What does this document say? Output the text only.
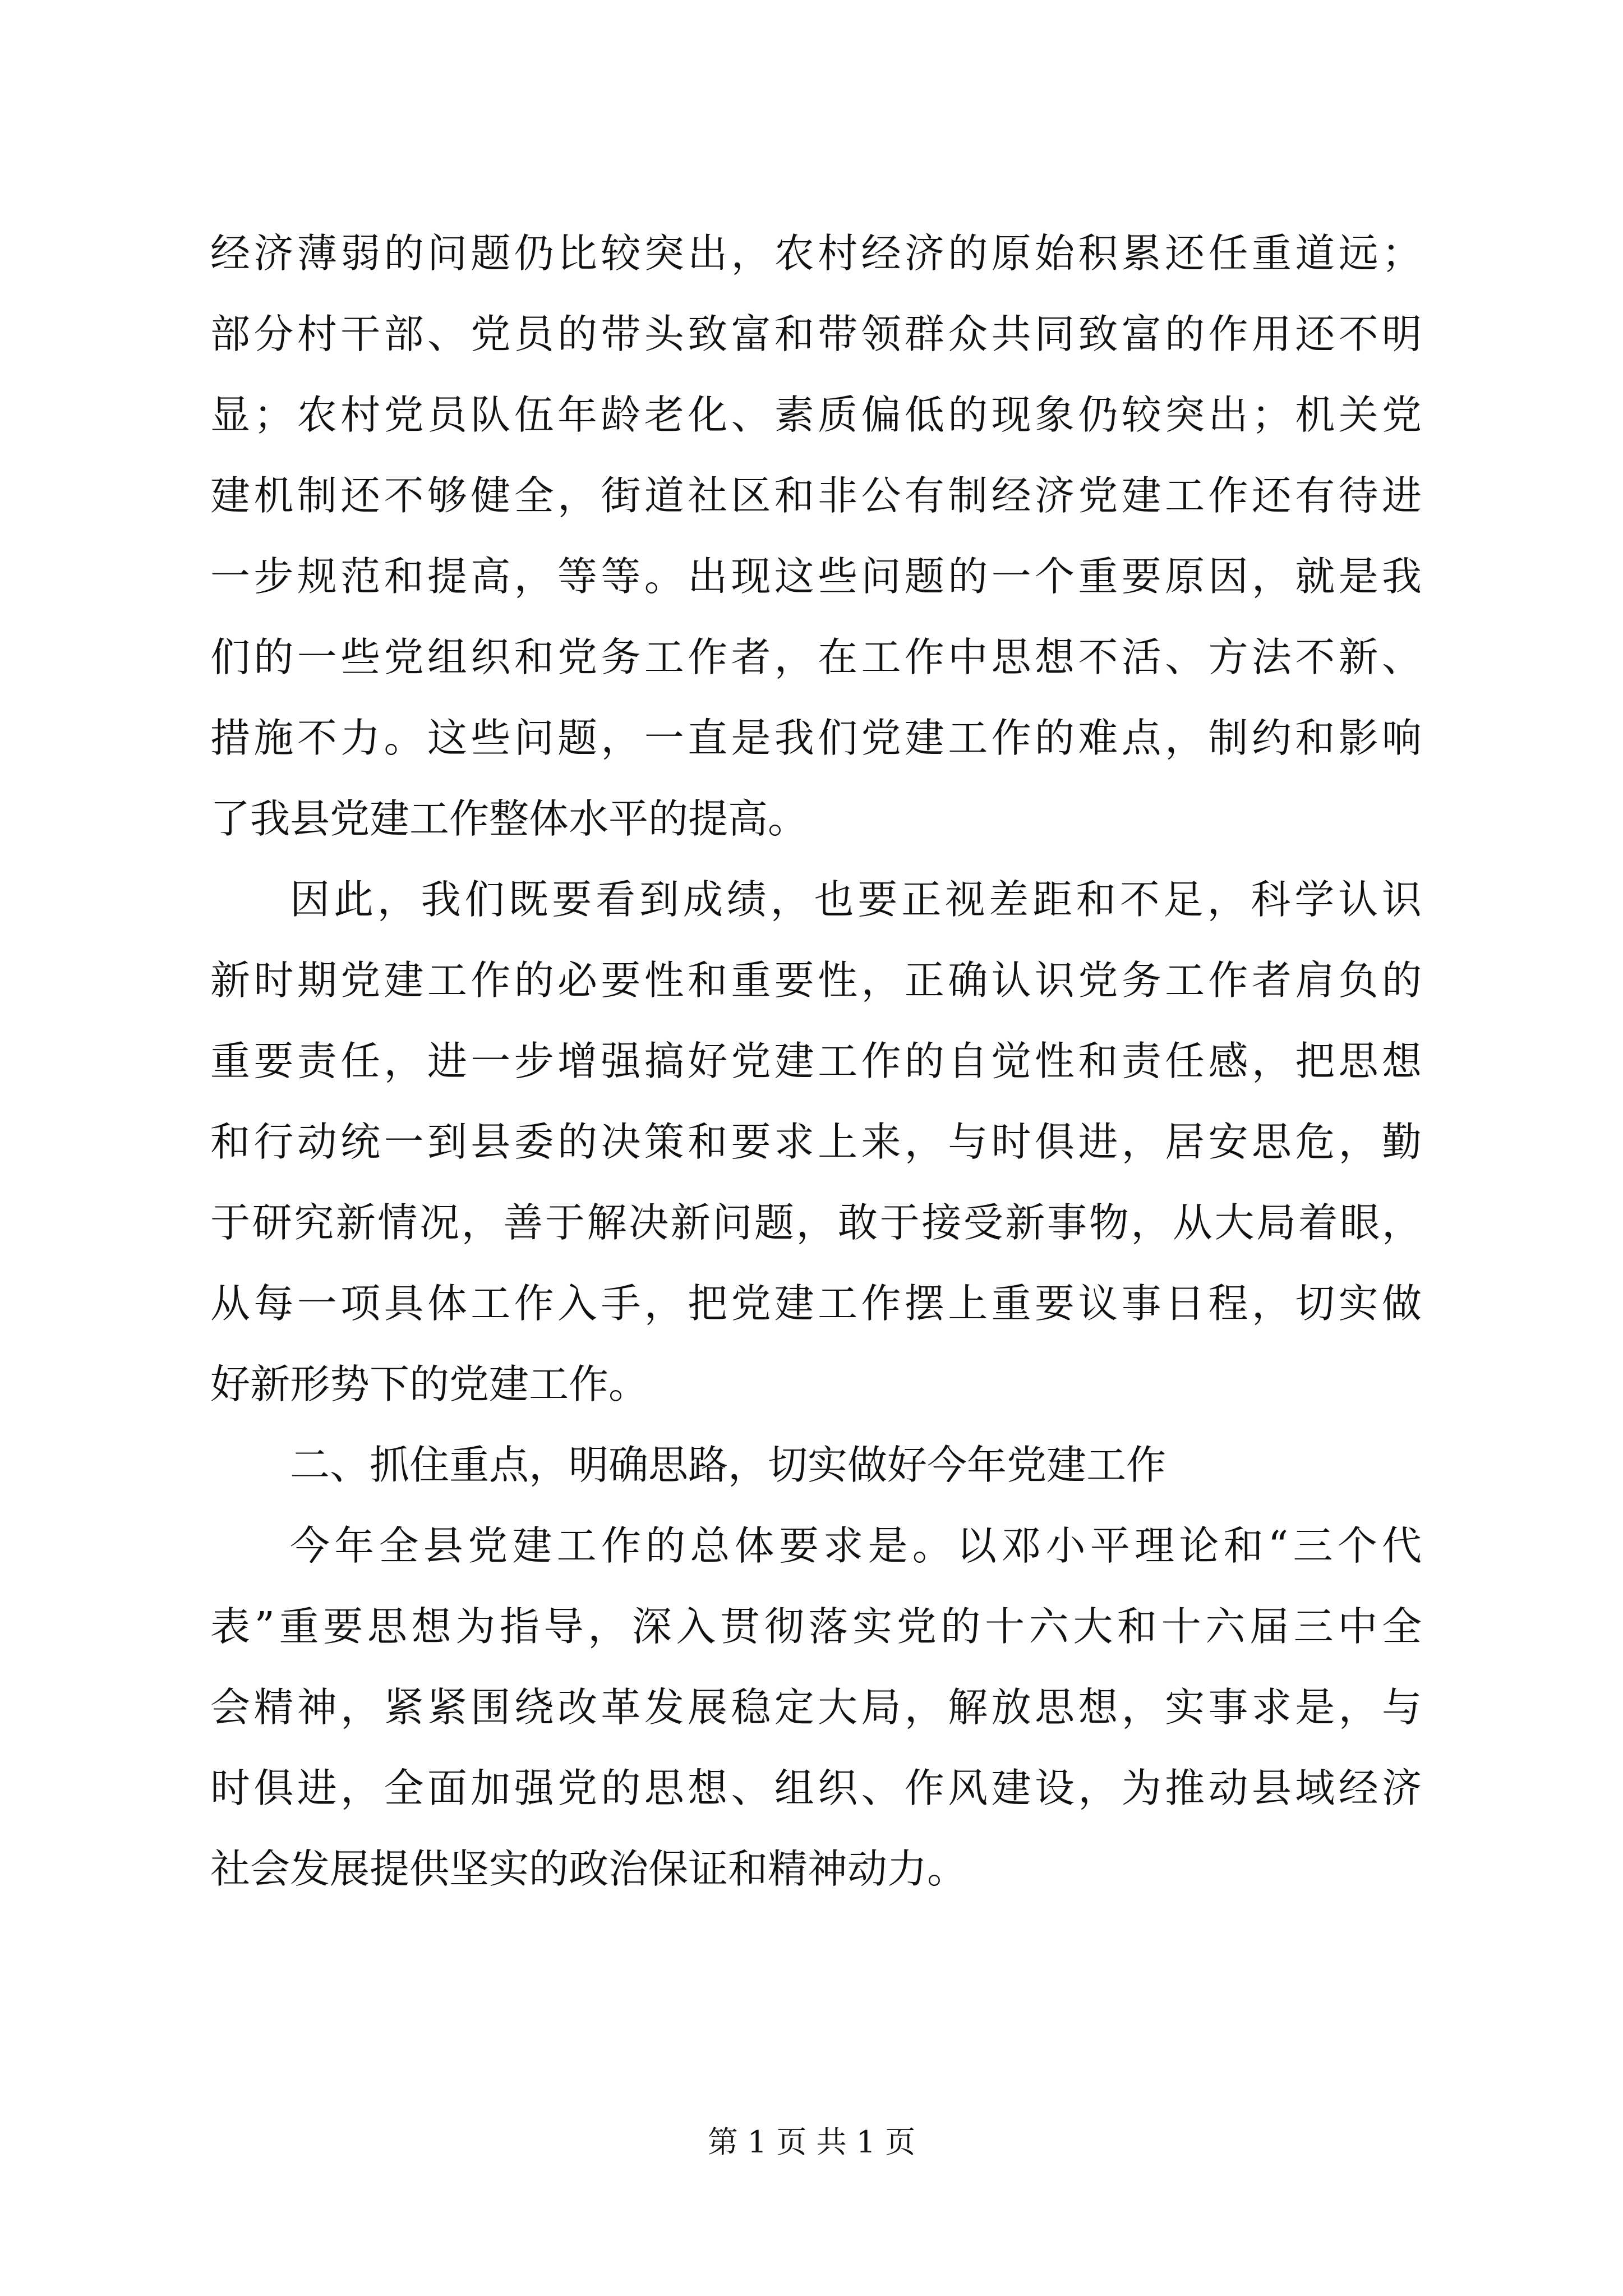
经济薄弱的问题仍比较突出，农村经济的原始积累还任重道远；
部分村干部、党员的带头致富和带领群众共同致富的作用还不明
显；农村党员队伍年龄老化、素质偏低的现象仍较突出；机关党
建机制还不够健全，街道社区和非公有制经济党建工作还有待进
一步规范和提高，等等。出现这些问题的一个重要原因，就是我
们的一些党组织和党务工作者，在工作中思想不活、方法不新、
措施不力。这些问题，一直是我们党建工作的难点，制约和影响
了我县党建工作整体水平的提高。
因此，我们既要看到成绩，也要正视差距和不足，科学认识
新时期党建工作的必要性和重要性，正确认识党务工作者肩负的
重要责任，进一步增强搞好党建工作的自觉性和责任感，把思想
和行动统一到县委的决策和要求上来，与时俱进，居安思危，勤
于研究新情况，善于解决新问题，敢于接受新事物，从大局着眼，
从每一项具体工作入手，把党建工作摆上重要议事日程，切实做
好新形势下的党建工作。
二、抓住重点，明确思路，切实做好今年党建工作
今年全县党建工作的总体要求是。以邓小平理论和“三个代
表”重要思想为指导，深入贯彻落实党的十六大和十六届三中全
会精神，紧紧围绕改革发展稳定大局，解放思想，实事求是，与
时俱进，全面加强党的思想、组织、作风建设，为推动县域经济
社会发展提供坚实的政治保证和精神动力。
第 1 页 共 1 页
